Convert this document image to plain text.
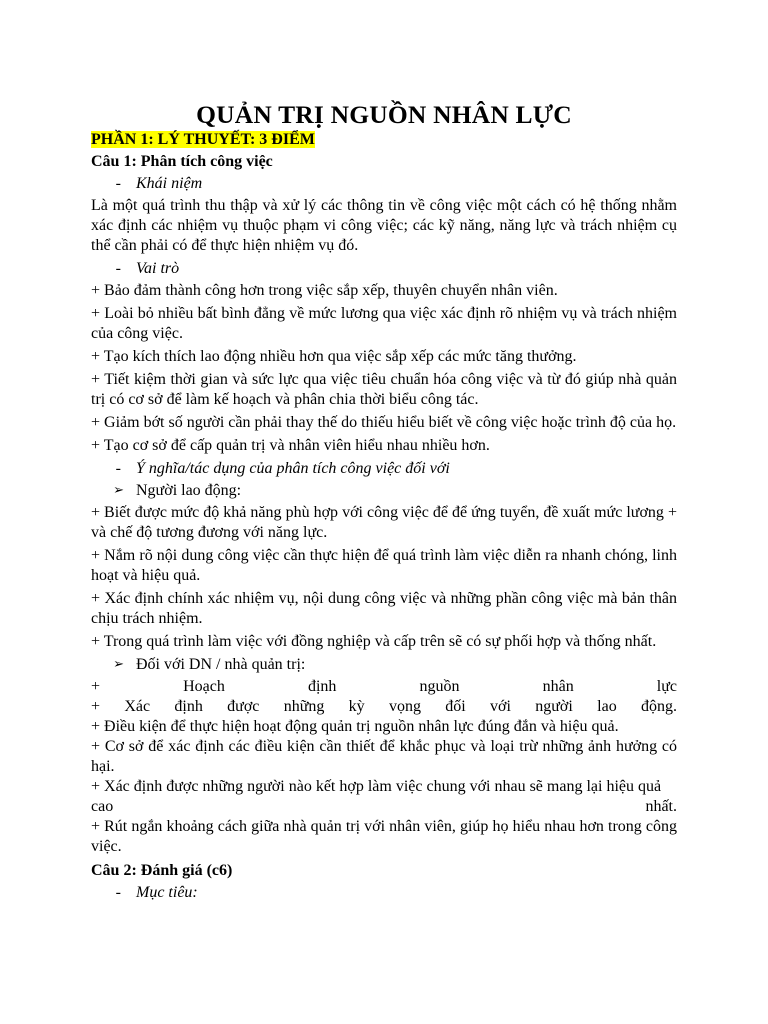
QUẢN TRỊ NGUỒN NHÂN LỰC

PHẦN 1: LÝ THUYẾT: 3 ĐIỂM

Câu 1: Phân tích công việc

- Khái niệm

Là một quá trình thu thập và xử lý các thông tin về công việc một cách có hệ thống nhằm xác định các nhiệm vụ thuộc phạm vi công việc; các kỹ năng, năng lực và trách nhiệm cụ thể cần phải có để thực hiện nhiệm vụ đó.

- Vai trò

+ Bảo đảm thành công hơn trong việc sắp xếp, thuyên chuyển nhân viên.

+ Loài bỏ nhiều bất bình đẳng về mức lương qua việc xác định rõ nhiệm vụ và trách nhiệm của công việc.

+ Tạo kích thích lao động nhiều hơn qua việc sắp xếp các mức tăng thưởng.

+ Tiết kiệm thời gian và sức lực qua việc tiêu chuẩn hóa công việc và từ đó giúp nhà quản trị có cơ sở để làm kế hoạch và phân chia thời biểu công tác.

+ Giảm bớt số người cần phải thay thế do thiếu hiểu biết về công việc hoặc trình độ của họ.

+ Tạo cơ sở để cấp quản trị và nhân viên hiểu nhau nhiều hơn.

- Ý nghĩa/tác dụng của phân tích công việc đối với
➢ Người lao động:

+ Biết được mức độ khả năng phù hợp với công việc để để ứng tuyển, đề xuất mức lương + và chế độ tương đương với năng lực.

+ Nắm rõ nội dung công việc cần thực hiện để quá trình làm việc diễn ra nhanh chóng, linh hoạt và hiệu quả.

+ Xác định chính xác nhiệm vụ, nội dung công việc và những phần công việc mà bản thân chịu trách nhiệm.

+ Trong quá trình làm việc với đồng nghiệp và cấp trên sẽ có sự phối hợp và thống nhất.

➢ Đối với DN / nhà quản trị:

+ Hoạch định nguồn nhân lực

+ Xác định được những kỳ vọng đối với người lao động.

+ Điều kiện để thực hiện hoạt động quản trị nguồn nhân lực đúng đắn và hiệu quả.

+ Cơ sở để xác định các điều kiện cần thiết để khắc phục và loại trừ những ảnh hưởng có hại.

+ Xác định được những người nào kết hợp làm việc chung với nhau sẽ mang lại hiệu quả

cao nhất.

+ Rút ngắn khoảng cách giữa nhà quản trị với nhân viên, giúp họ hiểu nhau hơn trong công việc.

Câu 2: Đánh giá (c6)

- Mục tiêu:
